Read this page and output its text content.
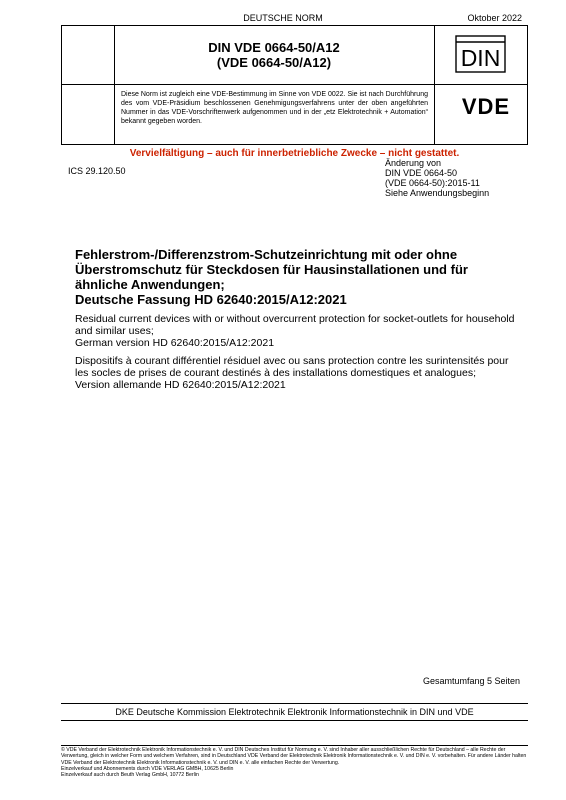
DEUTSCHE NORM	Oktober 2022
DIN VDE 0664-50/A12
(VDE 0664-50/A12)	DIN
VDE
Diese Norm ist zugleich eine VDE-Bestimmung im Sinne von VDE 0022. Sie ist nach Durchführung des vom VDE-Präsidium beschlossenen Genehmigungsverfahrens unter der oben angeführten Nummer in das VDE-Vorschriftenwerk aufgenommen und in der „etz Elektrotechnik + Automation“ bekannt gegeben worden.
Vervielfältigung – auch für innerbetriebliche Zwecke – nicht gestattet.
ICS 29.120.50
Änderung von
DIN VDE 0664-50
(VDE 0664-50):2015-11
Siehe Anwendungsbeginn

Fehlerstrom-/Differenzstrom-Schutzeinrichtung mit oder ohne Überstromschutz für Steckdosen für Hausinstallationen und für ähnliche Anwendungen;
Deutsche Fassung HD 62640:2015/A12:2021

Residual current devices with or without overcurrent protection for socket-outlets for household and similar uses;
German version HD 62640:2015/A12:2021

Dispositifs à courant différentiel résiduel avec ou sans protection contre les surintensités pour les socles de prises de courant destinés à des installations domestiques et analogues;
Version allemande HD 62640:2015/A12:2021

Gesamtumfang 5 Seiten
DKE Deutsche Kommission Elektrotechnik Elektronik Informationstechnik in DIN und VDE
© VDE Verband der Elektrotechnik Elektronik Informationstechnik e. V. und DIN Deutsches Institut für Normung e. V. sind Inhaber aller ausschließlichen Rechte für Deutschland – alle Rechte der Verwertung, gleich in welcher Form und welchem Verfahren, sind in Deutschland VDE Verband der Elektrotechnik Elektronik Informationstechnik e. V. und DIN e. V. vorbehalten. Für andere Länder halten VDE Verband der Elektrotechnik Elektronik Informationstechnik e. V. und DIN e. V. alle einfachen Rechte der Verwertung.
Einzelverkauf und Abonnements durch VDE VERLAG GMBH, 10625 Berlin
Einzelverkauf auch durch Beuth Verlag GmbH, 10772 Berlin
